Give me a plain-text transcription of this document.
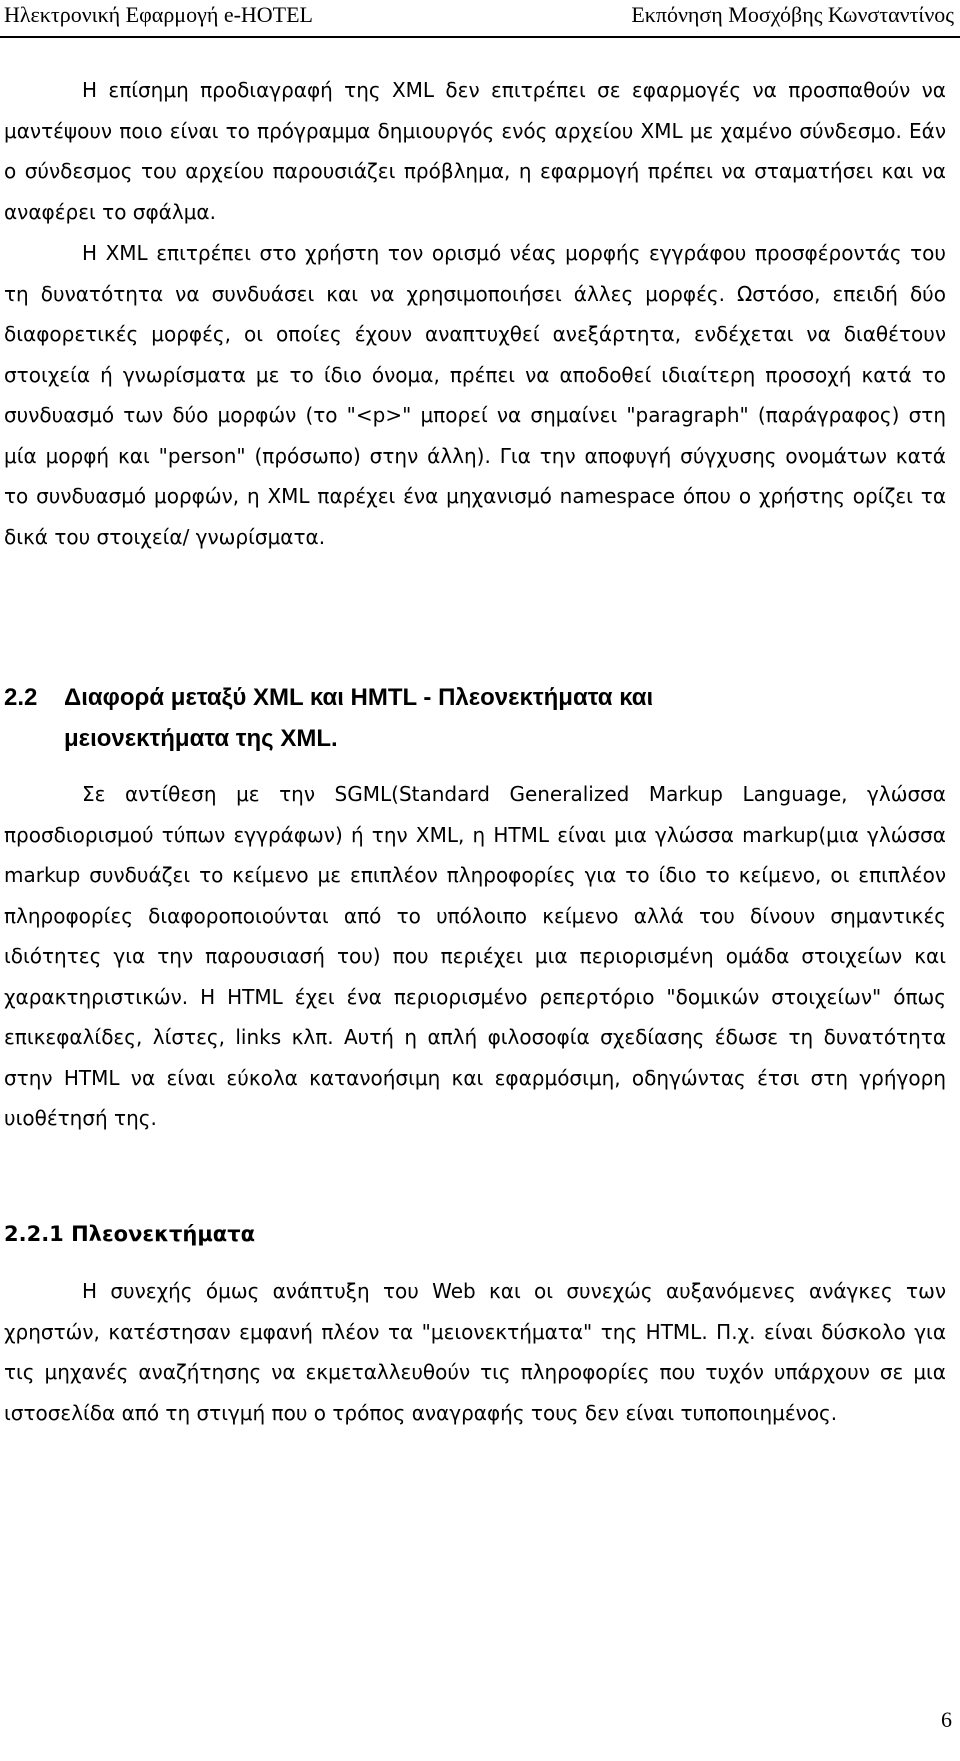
Ηλεκτρονική Εφαρμογή e-HOTEL	Εκπόνηση Μοσχόβης Κωνσταντίνος

Η επίσημη προδιαγραφή της XML δεν επιτρέπει σε εφαρμογές να προσπαθούν να μαντέψουν ποιο είναι το πρόγραμμα δημιουργός ενός αρχείου XML με χαμένο σύνδεσμο. Εάν ο σύνδεσμος του αρχείου παρουσιάζει πρόβλημα, η εφαρμογή πρέπει να σταματήσει και να αναφέρει το σφάλμα.

Η XML επιτρέπει στο χρήστη τον ορισμό νέας μορφής εγγράφου προσφέροντάς του τη δυνατότητα να συνδυάσει και να χρησιμοποιήσει άλλες μορφές. Ωστόσο, επειδή δύο διαφορετικές μορφές, οι οποίες έχουν αναπτυχθεί ανεξάρτητα, ενδέχεται να διαθέτουν στοιχεία ή γνωρίσματα με το ίδιο όνομα, πρέπει να αποδοθεί ιδιαίτερη προσοχή κατά το συνδυασμό των δύο μορφών (το "<p>" μπορεί να σημαίνει "paragraph" (παράγραφος) στη μία μορφή και "person" (πρόσωπο) στην άλλη). Για την αποφυγή σύγχυσης ονομάτων κατά το συνδυασμό μορφών, η XML παρέχει ένα μηχανισμό namespace όπου ο χρήστης ορίζει τα δικά του στοιχεία/ γνωρίσματα.

2.2 Διαφορά μεταξύ XML και HMTL - Πλεονεκτήματα και
μειονεκτήματα της XML.

Σε αντίθεση με την SGML(Standard Generalized Markup Language, γλώσσα προσδιορισμού τύπων εγγράφων) ή την XML, η HTML είναι μια γλώσσα markup(μια γλώσσα markup συνδυάζει το κείμενο με επιπλέον πληροφορίες για το ίδιο το κείμενο, οι επιπλέον πληροφορίες διαφοροποιούνται από το υπόλοιπο κείμενο αλλά του δίνουν σημαντικές ιδιότητες για την παρουσιασή του) που περιέχει μια περιορισμένη ομάδα στοιχείων και χαρακτηριστικών. Η HTML έχει ένα περιορισμένο ρεπερτόριο "δομικών στοιχείων" όπως επικεφαλίδες, λίστες, links κλπ. Αυτή η απλή φιλοσοφία σχεδίασης έδωσε τη δυνατότητα στην HTML να είναι εύκολα κατανοήσιμη και εφαρμόσιμη, οδηγώντας έτσι στη γρήγορη υιοθέτησή της.

2.2.1 Πλεονεκτήματα

Η συνεχής όμως ανάπτυξη του Web και οι συνεχώς αυξανόμενες ανάγκες των χρηστών, κατέστησαν εμφανή πλέον τα "μειονεκτήματα" της HTML. Π.χ. είναι δύσκολο για τις μηχανές αναζήτησης να εκμεταλλευθούν τις πληροφορίες που τυχόν υπάρχουν σε μια ιστοσελίδα από τη στιγμή που ο τρόπος αναγραφής τους δεν είναι τυποποιημένος.

6
